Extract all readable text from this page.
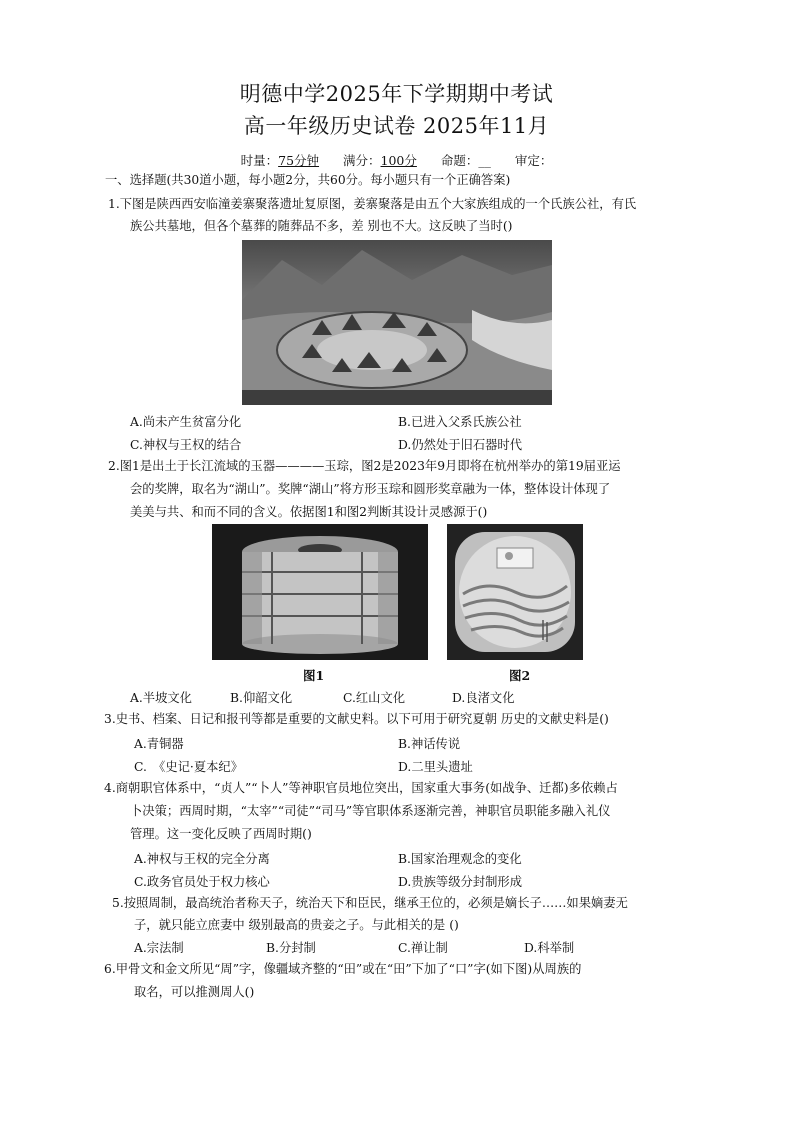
明德中学2025年下学期期中考试
高一年级历史试卷 2025年11月
时量：75分钟 满分：100分 命题：__ 审定：
一、选择题(共30道小题，每小题2分，共60分。每小题只有一个正确答案)
1.下图是陕西西安临潼姜寨聚落遗址复原图，姜寨聚落是由五个大家族组成的一个氏族公社，有氏
族公共墓地，但各个墓葬的随葬品不多，差 别也不大。这反映了当时()
A.尚未产生贫富分化	B.已进入父系氏族公社
C.神权与王权的结合	D.仍然处于旧石器时代
2.图1是出土于长江流域的玉器————玉琮，图2是2023年9月即将在杭州举办的第19届亚运
会的奖牌，取名为“湖山”。奖牌“湖山”将方形玉琮和圆形奖章融为一体，整体设计体现了
美美与共、和而不同的含义。依据图1和图2判断其设计灵感源于()
图1	图2
A.半坡文化	B.仰韶文化	C.红山文化	D.良渚文化
3.史书、档案、日记和报刊等都是重要的文献史料。以下可用于研究夏朝 历史的文献史料是()
A.青铜器	B.神话传说
C.　《史记·夏本纪》	D.二里头遗址
4.商朝职官体系中，“贞人”“卜人”等神职官员地位突出，国家重大事务(如战争、迁都)多依赖占
卜决策；西周时期，“太宰”“司徒”“司马”等官职体系逐渐完善，神职官员职能多融入礼仪
管理。这一变化反映了西周时期()
A.神权与王权的完全分离	B.国家治理观念的变化
C.政务官员处于权力核心	D.贵族等级分封制形成
5.按照周制，最高统治者称天子，统治天下和臣民，继承王位的，必须是嫡长子……如果嫡妻无
子，就只能立庶妻中 级别最高的贵妾之子。与此相关的是 ()
A.宗法制	B.分封制	C.禅让制	D.科举制
6.甲骨文和金文所见“周”字，像疆域齐整的“田”或在“田”下加了“口”字(如下图)从周族的
取名，可以推测周人()
